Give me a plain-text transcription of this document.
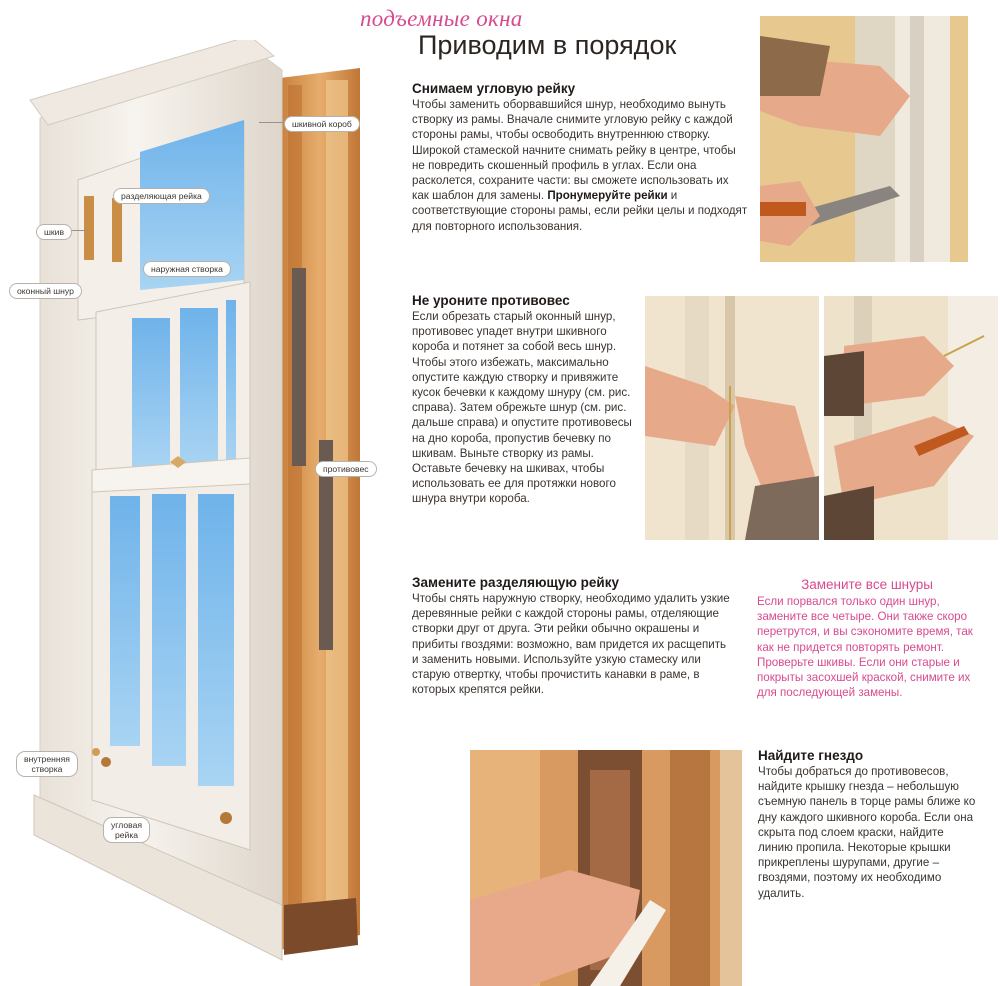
подъемные окна
Приводим в порядок
шкивной короб
разделяющая рейка
шкив
наружная створка
оконный шнур
противовес
внутренняя
створка
угловая
рейка
Снимаем угловую рейку

Чтобы заменить оборвавшийся шнур, необходимо вынуть створку из рамы. Вначале снимите угловую рейку с каждой стороны рамы, чтобы освободить внутреннюю створку. Широкой стамеской начните снимать рейку в центре, чтобы не повредить скошенный профиль в углах. Если она расколется, сохраните части: вы сможете использовать их как шаблон для замены. Пронумеруйте рейки и соответствующие стороны рамы, если рейки целы и подходят для повторного использования.

Не уроните противовес

Если обрезать старый оконный шнур, противовес упадет внутри шкивного короба и потянет за собой весь шнур. Чтобы этого избежать, максимально опустите каждую створку и привяжите кусок бечевки к каждому шнуру (см. рис. справа). Затем обрежьте шнур (см. рис. дальше справа) и опустите противовесы на дно короба, пропустив бечевку по шкивам. Выньте створку из рамы. Оставьте бечевку на шкивах, чтобы использовать ее для протяжки нового шнура внутри короба.

Замените разделяющую рейку

Чтобы снять наружную створку, необходимо удалить узкие деревянные рейки с каждой стороны рамы, отделяющие створки друг от друга. Эти рейки обычно окрашены и прибиты гвоздями: возможно, вам придется их расщепить и заменить новыми. Используйте узкую стамеску или старую отвертку, чтобы прочистить канавки в раме, в которых крепятся рейки.

Замените все шнуры

Если порвался только один шнур, замените все четыре. Они также скоро перетрутся, и вы сэкономите время, так как не придется повторять ремонт. Проверьте шкивы. Если они старые и покрыты засохшей краской, снимите их для последующей замены.

Найдите гнездо

Чтобы добраться до противовесов, найдите крышку гнезда – небольшую съемную панель в торце рамы ближе ко дну каждого шкивного короба. Если она скрыта под слоем краски, найдите линию пропила. Некоторые крышки прикреплены шурупами, другие – гвоздями, поэтому их необходимо удалить.
